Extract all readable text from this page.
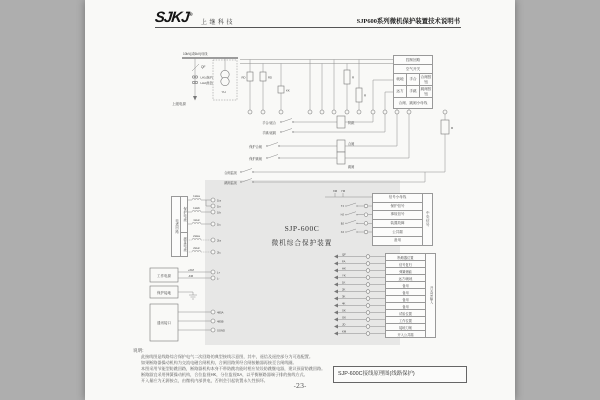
SJKJ®
上继科技	SJP600系列微机保护装置技术说明书
10kV(或6kV)母线
QF
LH1(保护)
LH2(测量)
上级电源
YH
RD	RD
KK
R
R
手合/遥合	防跳
手跳/遥跳
保护合闸
合闸
保护跳闸
跳闸
合闸监视
跳闸监视
R
SJP-600C
微机综合保护装置
1LHa
1LHb
1LHc
2LHa
2LHc
1Ia
1In
1Ib
1Ic
2Ia
2Ic
工作电源
+KM
-KM
L+
L-
保护接地
通讯接口
485A
485B
SGND
XM YM
TJ
HJ
BJ
XJ
QF
FA
HK
YK
1K
2K
3K
4K
SK
GK
JD
KM
控制回路		
空气开关		
就地	手合	合闸按钮
远方	手跳	跳闸按钮
合闸、跳闸小母线		
电流回路	保护电流
测量电流
信号小母线	中央信号
保护信号
事故信号
装置故障
公共端
备用
断路器位置	开关量输入
信号复归
弹簧储能
远方/就地
备用
备用
备用
备用
试验位置
工作位置
接地刀闸
开入公共端
说明:
此接线图是线路综合保护电气二次回路的典型接线示意图，其中，遥信及遥控部分为可选配置。
如果断路器操动机构为交流电磁合闸机构，合闸回路须经合闸接触器再接至合闸线圈。
本图采用节能型防跳回路，断路器机构本身不带防跳功能时相应装设防跳继电器，建议预留防跳回路。
断路器宜采用弹簧操动机构，合位监视HK，分位监视SA，以平衡断路器端子排的接线方式。
开入量应为无源接点，由微机内部供电，否则会引起装置永久性损坏。
SJP-600C接线原理图(线路保护)
-23-
